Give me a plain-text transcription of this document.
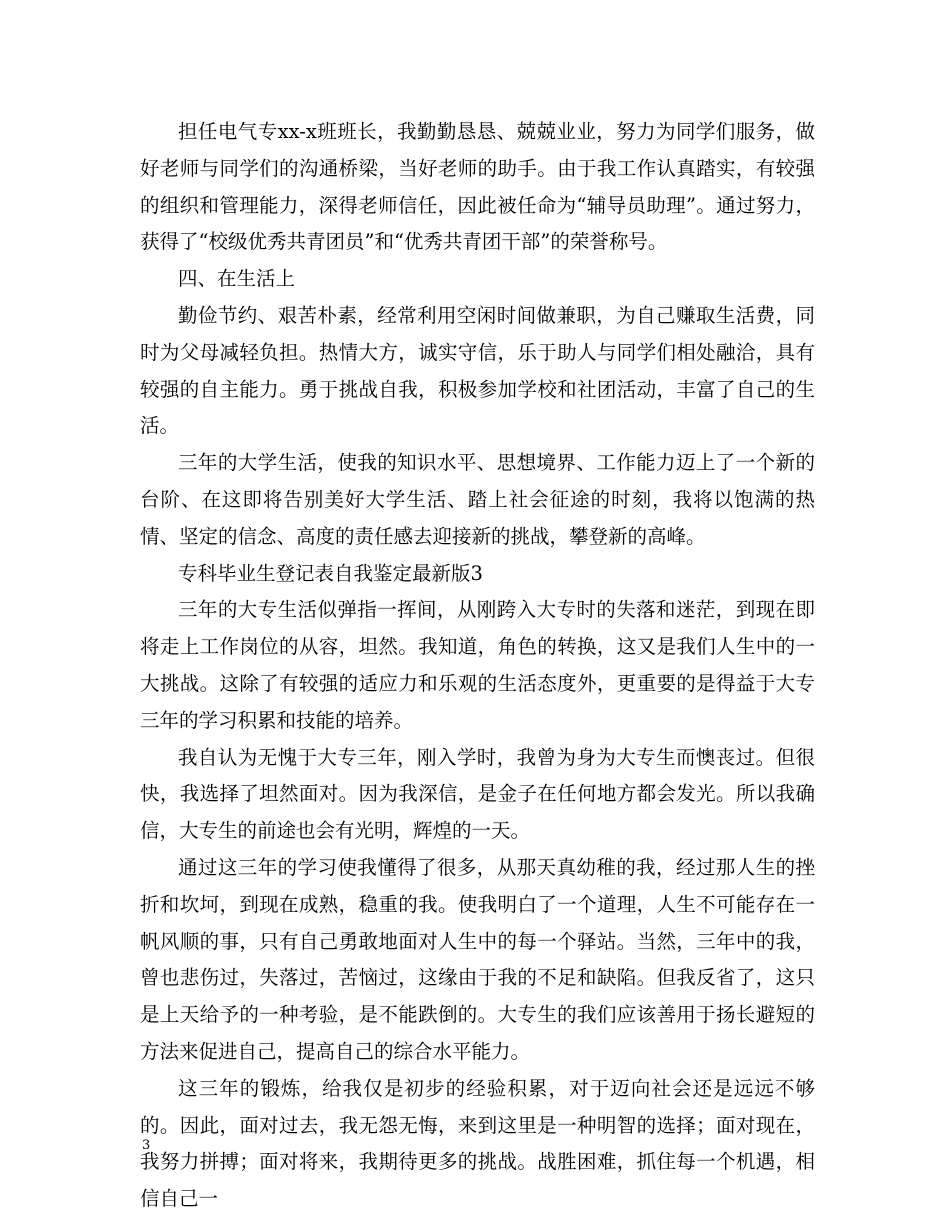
担任电气专xx-x班班长，我勤勤恳恳、兢兢业业，努力为同学们服务，做好老师与同学们的沟通桥梁，当好老师的助手。由于我工作认真踏实，有较强的组织和管理能力，深得老师信任，因此被任命为“辅导员助理”。通过努力，获得了“校级优秀共青团员”和“优秀共青团干部”的荣誉称号。

四、在生活上

勤俭节约、艰苦朴素，经常利用空闲时间做兼职，为自己赚取生活费，同时为父母减轻负担。热情大方，诚实守信，乐于助人与同学们相处融洽，具有较强的自主能力。勇于挑战自我，积极参加学校和社团活动，丰富了自己的生活。

三年的大学生活，使我的知识水平、思想境界、工作能力迈上了一个新的台阶、在这即将告别美好大学生活、踏上社会征途的时刻，我将以饱满的热情、坚定的信念、高度的责任感去迎接新的挑战，攀登新的高峰。

专科毕业生登记表自我鉴定最新版3

三年的大专生活似弹指一挥间，从刚跨入大专时的失落和迷茫，到现在即将走上工作岗位的从容，坦然。我知道，角色的转换，这又是我们人生中的一大挑战。这除了有较强的适应力和乐观的生活态度外，更重要的是得益于大专三年的学习积累和技能的培养。

我自认为无愧于大专三年，刚入学时，我曾为身为大专生而懊丧过。但很快，我选择了坦然面对。因为我深信，是金子在任何地方都会发光。所以我确信，大专生的前途也会有光明，辉煌的一天。

通过这三年的学习使我懂得了很多，从那天真幼稚的我，经过那人生的挫折和坎坷，到现在成熟，稳重的我。使我明白了一个道理，人生不可能存在一帆风顺的事，只有自己勇敢地面对人生中的每一个驿站。当然，三年中的我，曾也悲伤过，失落过，苦恼过，这缘由于我的不足和缺陷。但我反省了，这只是上天给予的一种考验，是不能跌倒的。大专生的我们应该善用于扬长避短的方法来促进自己，提高自己的综合水平能力。

这三年的锻炼，给我仅是初步的经验积累，对于迈向社会还是远远不够的。因此，面对过去，我无怨无悔，来到这里是一种明智的选择；面对现在，我努力拼搏；面对将来，我期待更多的挑战。战胜困难，抓住每一个机遇，相信自己一

3
